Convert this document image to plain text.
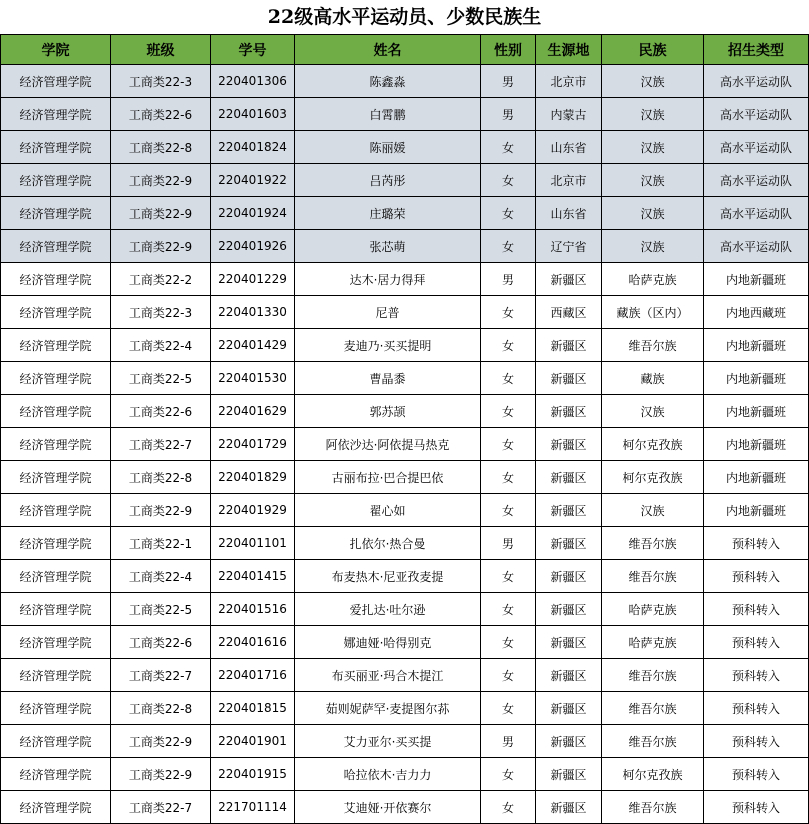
22级高水平运动员、少数民族生
学院	班级	学号	姓名	性别	生源地	民族	招生类型
经济管理学院	工商类22-3	220401306	陈鑫淼	男	北京市	汉族	高水平运动队
经济管理学院	工商类22-6	220401603	白霄鹏	男	内蒙古	汉族	高水平运动队
经济管理学院	工商类22-8	220401824	陈丽媛	女	山东省	汉族	高水平运动队
经济管理学院	工商类22-9	220401922	吕芮彤	女	北京市	汉族	高水平运动队
经济管理学院	工商类22-9	220401924	庄璐荣	女	山东省	汉族	高水平运动队
经济管理学院	工商类22-9	220401926	张芯萌	女	辽宁省	汉族	高水平运动队
经济管理学院	工商类22-2	220401229	达木·居力得拜	男	新疆区	哈萨克族	内地新疆班
经济管理学院	工商类22-3	220401330	尼普	女	西藏区	藏族（区内）	内地西藏班
经济管理学院	工商类22-4	220401429	麦迪乃·买买提明	女	新疆区	维吾尔族	内地新疆班
经济管理学院	工商类22-5	220401530	曹晶黍	女	新疆区	藏族	内地新疆班
经济管理学院	工商类22-6	220401629	郭苏颉	女	新疆区	汉族	内地新疆班
经济管理学院	工商类22-7	220401729	阿依沙达·阿依提马热克	女	新疆区	柯尔克孜族	内地新疆班
经济管理学院	工商类22-8	220401829	古丽布拉·巴合提巴依	女	新疆区	柯尔克孜族	内地新疆班
经济管理学院	工商类22-9	220401929	翟心如	女	新疆区	汉族	内地新疆班
经济管理学院	工商类22-1	220401101	扎依尔·热合曼	男	新疆区	维吾尔族	预科转入
经济管理学院	工商类22-4	220401415	布麦热木·尼亚孜麦提	女	新疆区	维吾尔族	预科转入
经济管理学院	工商类22-5	220401516	爱扎达·吐尔逊	女	新疆区	哈萨克族	预科转入
经济管理学院	工商类22-6	220401616	娜迪娅·哈得别克	女	新疆区	哈萨克族	预科转入
经济管理学院	工商类22-7	220401716	布买丽亚·玛合木提江	女	新疆区	维吾尔族	预科转入
经济管理学院	工商类22-8	220401815	茹则妮萨罕·麦提图尔荪	女	新疆区	维吾尔族	预科转入
经济管理学院	工商类22-9	220401901	艾力亚尔·买买提	男	新疆区	维吾尔族	预科转入
经济管理学院	工商类22-9	220401915	哈拉依木·吉力力	女	新疆区	柯尔克孜族	预科转入
经济管理学院	工商类22-7	221701114	艾迪娅·开依赛尔	女	新疆区	维吾尔族	预科转入
